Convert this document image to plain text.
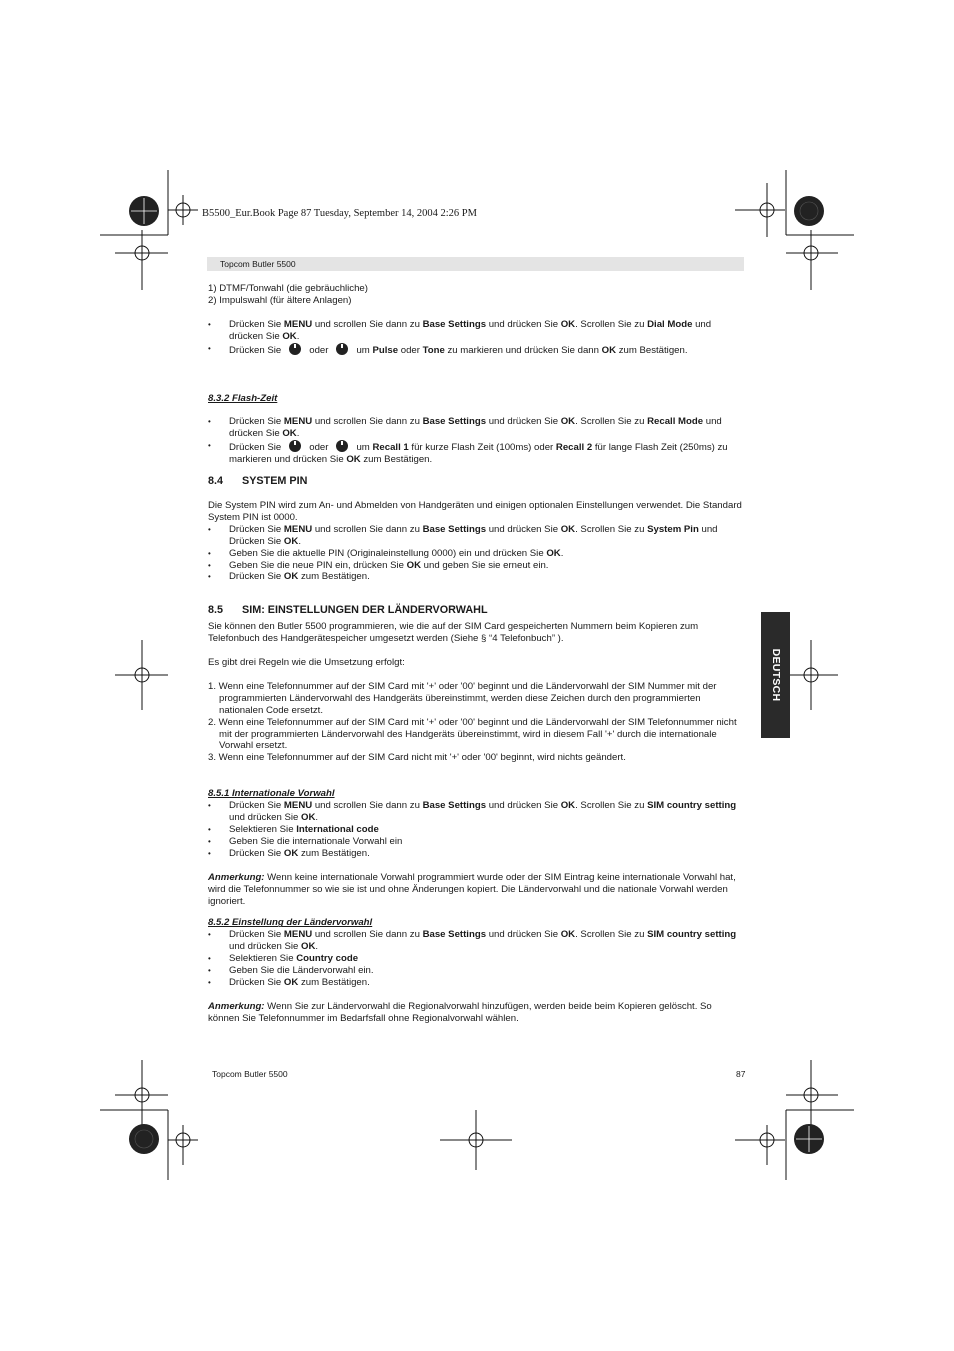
B5500_Eur.Book Page 87 Tuesday, September 14, 2004 2:26 PM
Topcom Butler 5500

1) DTMF/Tonwahl (die gebräuchliche)

2) Impulswahl (für ältere Anlagen)

• Drücken Sie MENU und scrollen Sie dann zu Base Settings und drücken Sie OK. Scrollen Sie zu Dial Mode und drücken Sie OK.

• Drücken Sie	oder	um Pulse oder Tone zu markieren und drücken Sie dann OK zum Bestätigen.

8.3.2 Flash-Zeit

• Drücken Sie MENU und scrollen Sie dann zu Base Settings und drücken Sie OK. Scrollen Sie zu Recall Mode und drücken Sie OK.

• Drücken Sie	oder	um Recall 1 für kurze Flash Zeit (100ms) oder Recall 2 für lange Flash Zeit (250ms) zu markieren und drücken Sie OK zum Bestätigen.

8.4 SYSTEM PIN

Die System PIN wird zum An- und Abmelden von Handgeräten und einigen optionalen Einstellungen verwendet. Die Standard System PIN ist 0000.

• Drücken Sie MENU und scrollen Sie dann zu Base Settings und drücken Sie OK. Scrollen Sie zu System Pin und Drücken Sie OK.

• Geben Sie die aktuelle PIN (Originaleinstellung 0000) ein und drücken Sie OK.

• Geben Sie die neue PIN ein, drücken Sie OK und geben Sie sie erneut ein.

• Drücken Sie OK zum Bestätigen.

8.5 SIM: EINSTELLUNGEN DER LÄNDERVORWAHL

Sie können den Butler 5500 programmieren, wie die auf der SIM Card gespeicherten Nummern beim Kopieren zum Telefonbuch des Handgerätespeicher umgesetzt werden (Siehe § “4 Telefonbuch” ).

Es gibt drei Regeln wie die Umsetzung erfolgt:

1. Wenn eine Telefonnummer auf der SIM Card mit '+' oder '00' beginnt und die Ländervorwahl der SIM Nummer mit der programmierten Ländervorwahl des Handgeräts übereinstimmt, werden diese Zeichen durch den programmierten nationalen Code ersetzt.

2. Wenn eine Telefonnummer auf der SIM Card mit '+' oder '00' beginnt und die Ländervorwahl der SIM Telefonnummer nicht mit der programmierten Ländervorwahl des Handgeräts übereinstimmt, wird in diesem Fall '+' durch die internationale Vorwahl ersetzt.

3. Wenn eine Telefonnummer auf der SIM Card nicht mit '+' oder '00' beginnt, wird nichts geändert.

8.5.1 Internationale Vorwahl

• Drücken Sie MENU und scrollen Sie dann zu Base Settings und drücken Sie OK. Scrollen Sie zu SIM country setting und drücken Sie OK.

• Selektieren Sie International code

• Geben Sie die internationale Vorwahl ein

• Drücken Sie OK zum Bestätigen.

Anmerkung: Wenn keine internationale Vorwahl programmiert wurde oder der SIM Eintrag keine internationale Vorwahl hat, wird die Telefonnummer so wie sie ist und ohne Änderungen kopiert. Die Ländervorwahl und die nationale Vorwahl werden ignoriert.

8.5.2 Einstellung der Ländervorwahl

• Drücken Sie MENU und scrollen Sie dann zu Base Settings und drücken Sie OK. Scrollen Sie zu SIM country setting und drücken Sie OK.

• Selektieren Sie Country code

• Geben Sie die Ländervorwahl ein.

• Drücken Sie OK zum Bestätigen.

Anmerkung: Wenn Sie zur Ländervorwahl die Regionalvorwahl hinzufügen, werden beide beim Kopieren gelöscht. So können Sie Telefonnummer im Bedarfsfall ohne Regionalvorwahl wählen.

DEUTSCH
Topcom Butler 5500	87
